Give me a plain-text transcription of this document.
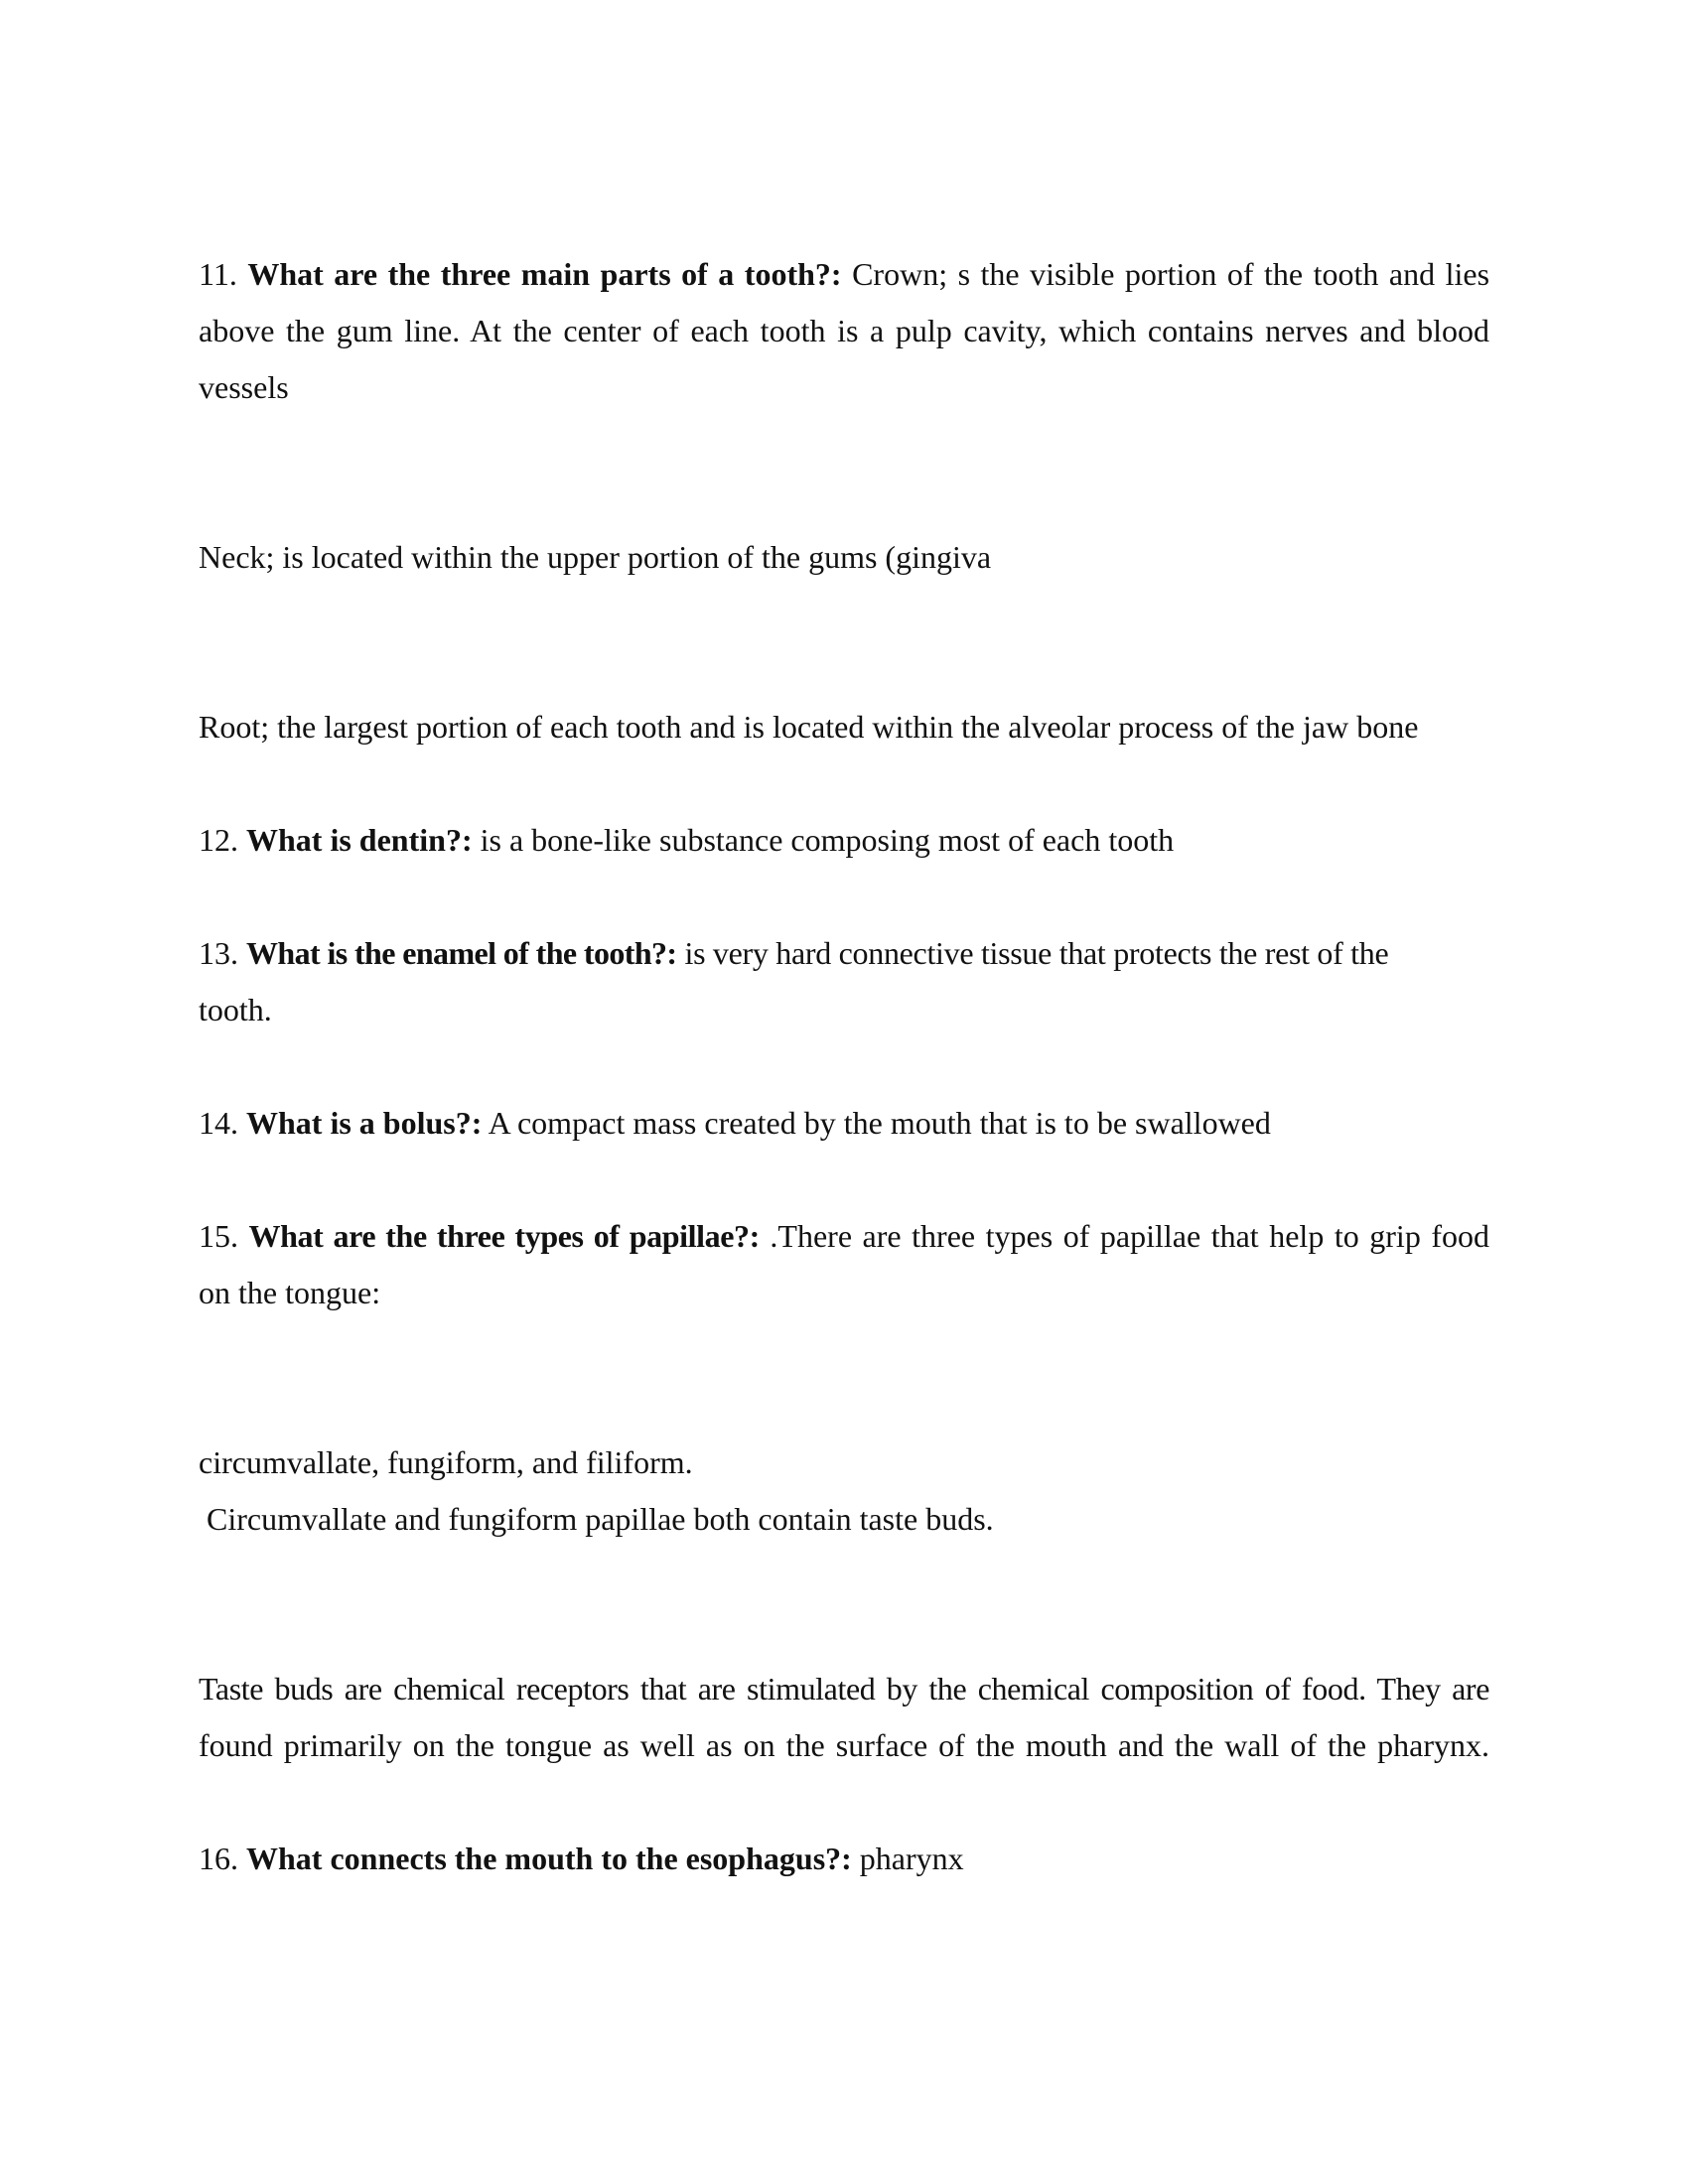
11. What are the three main parts of a tooth?: Crown; s the visible portion of the tooth and lies

above the gum line. At the center of each tooth is a pulp cavity, which contains nerves and blood

vessels

Neck; is located within the upper portion of the gums (gingiva

Root; the largest portion of each tooth and is located within the alveolar process of the jaw bone

12. What is dentin?: is a bone-like substance composing most of each tooth

13. What is the enamel of the tooth?: is very hard connective tissue that protects the rest of the

tooth.

14. What is a bolus?: A compact mass created by the mouth that is to be swallowed

15. What are the three types of papillae?: .There are three types of papillae that help to grip food

on the tongue:

circumvallate, fungiform, and filiform.

Circumvallate and fungiform papillae both contain taste buds.

Taste buds are chemical receptors that are stimulated by the chemical composition of food. They are

found primarily on the tongue as well as on the surface of the mouth and the wall of the pharynx.

16. What connects the mouth to the esophagus?: pharynx
